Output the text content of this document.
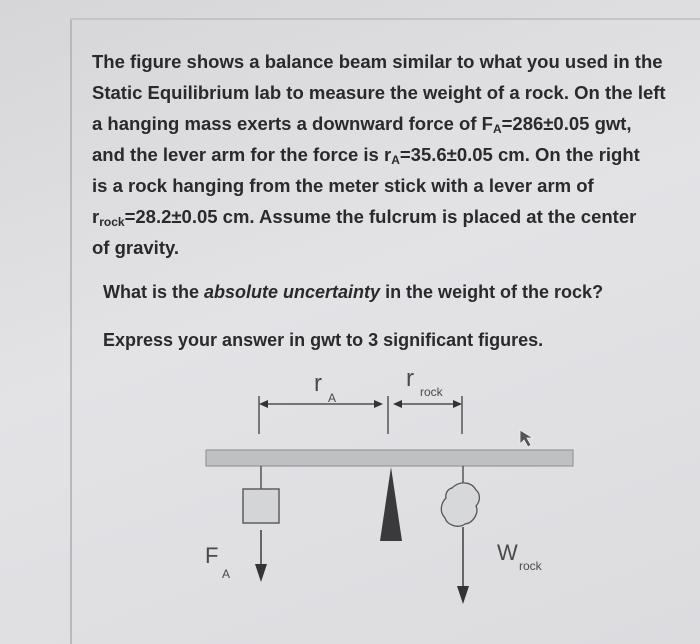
The figure shows a balance beam similar to what you used in the

Static Equilibrium lab to measure the weight of a rock. On the left

a hanging mass exerts a downward force of $F_A=286\pm 0.05$ gwt,

and the lever arm for the force is $r_A=35.6\pm 0.05$ cm. On the right

is a rock hanging from the meter stick with a lever arm of

$r_{rock}=28.2\pm 0.05$ cm. Assume the fulcrum is placed at the center

of gravity.

What is the absolute uncertainty in the weight of the rock?
Express your answer in gwt to 3 significant figures.
r
A
r rock
F
A
W
rock
